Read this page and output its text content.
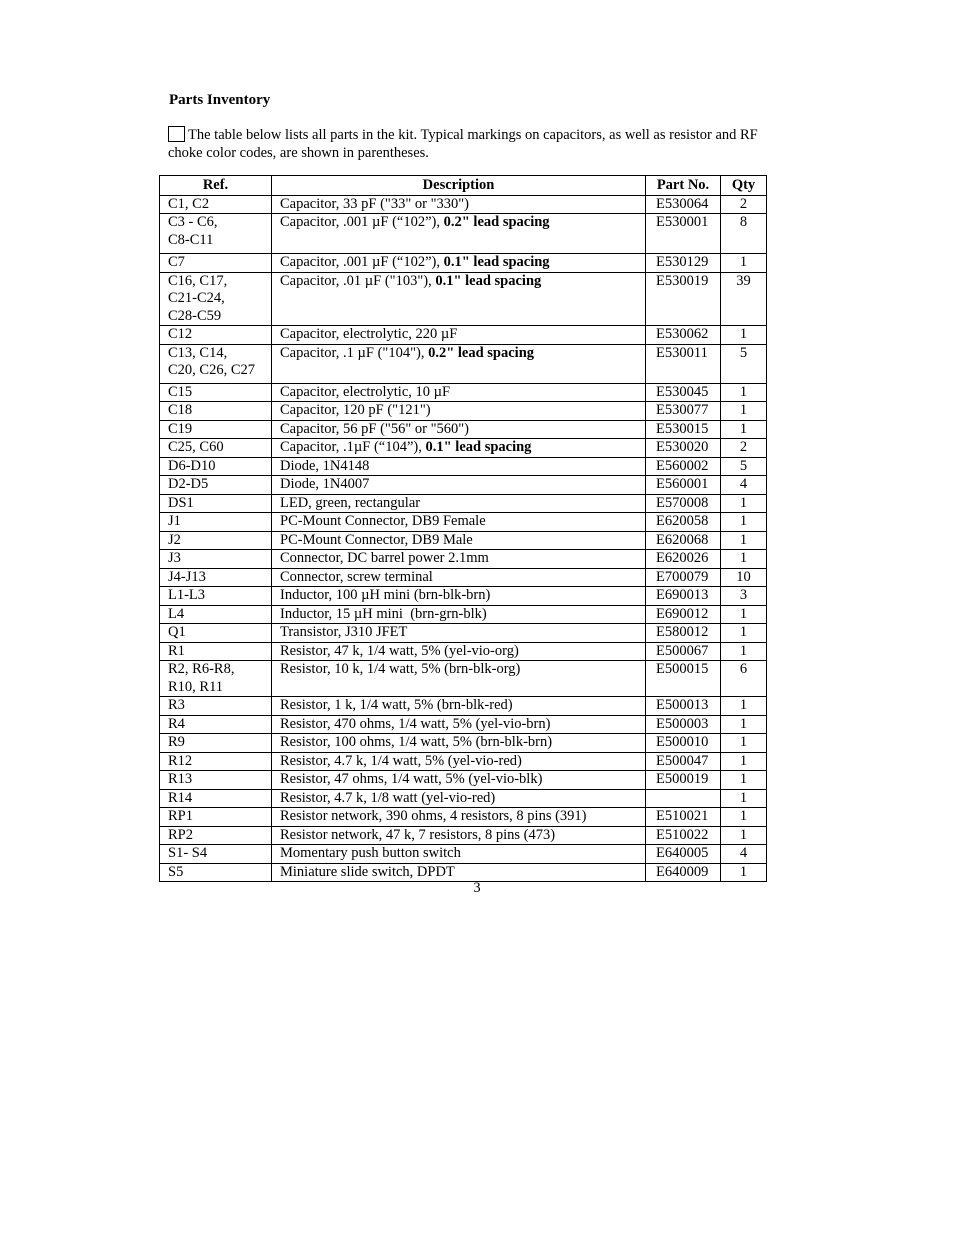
Parts Inventory
The table below lists all parts in the kit. Typical markings on capacitors, as well as resistor and RF choke color codes, are shown in parentheses.
Ref.	Description	Part No.	Qty
C1, C2	Capacitor, 33 pF ("33" or "330")	E530064	2
C3 - C6,
C8-C11	Capacitor, .001 µF (“102”), 0.2" lead spacing	E530001	8
C7	Capacitor, .001 µF (“102”), 0.1" lead spacing	E530129	1
C16, C17,
C21-C24,
C28-C59	Capacitor, .01 µF ("103"), 0.1" lead spacing	E530019	39
C12	Capacitor, electrolytic, 220 µF	E530062	1
C13, C14,
C20, C26, C27	Capacitor, .1 µF ("104"), 0.2" lead spacing	E530011	5
C15	Capacitor, electrolytic, 10 µF	E530045	1
C18	Capacitor, 120 pF ("121")	E530077	1
C19	Capacitor, 56 pF ("56" or "560")	E530015	1
C25, C60	Capacitor, .1µF (“104”), 0.1" lead spacing	E530020	2
D6-D10	Diode, 1N4148	E560002	5
D2-D5	Diode, 1N4007	E560001	4
DS1	LED, green, rectangular	E570008	1
J1	PC-Mount Connector, DB9 Female	E620058	1
J2	PC-Mount Connector, DB9 Male	E620068	1
J3	Connector, DC barrel power 2.1mm	E620026	1
J4-J13	Connector, screw terminal	E700079	10
L1-L3	Inductor, 100 µH mini (brn-blk-brn)	E690013	3
L4	Inductor, 15 µH mini  (brn-grn-blk)	E690012	1
Q1	Transistor, J310 JFET	E580012	1
R1	Resistor, 47 k, 1/4 watt, 5% (yel-vio-org)	E500067	1
R2, R6-R8,
R10, R11	Resistor, 10 k, 1/4 watt, 5% (brn-blk-org)	E500015	6
R3	Resistor, 1 k, 1/4 watt, 5% (brn-blk-red)	E500013	1
R4	Resistor, 470 ohms, 1/4 watt, 5% (yel-vio-brn)	E500003	1
R9	Resistor, 100 ohms, 1/4 watt, 5% (brn-blk-brn)	E500010	1
R12	Resistor, 4.7 k, 1/4 watt, 5% (yel-vio-red)	E500047	1
R13	Resistor, 47 ohms, 1/4 watt, 5% (yel-vio-blk)	E500019	1
R14	Resistor, 4.7 k, 1/8 watt (yel-vio-red)		1
RP1	Resistor network, 390 ohms, 4 resistors, 8 pins (391)	E510021	1
RP2	Resistor network, 47 k, 7 resistors, 8 pins (473)	E510022	1
S1- S4	Momentary push button switch	E640005	4
S5	Miniature slide switch, DPDT	E640009	1
3
